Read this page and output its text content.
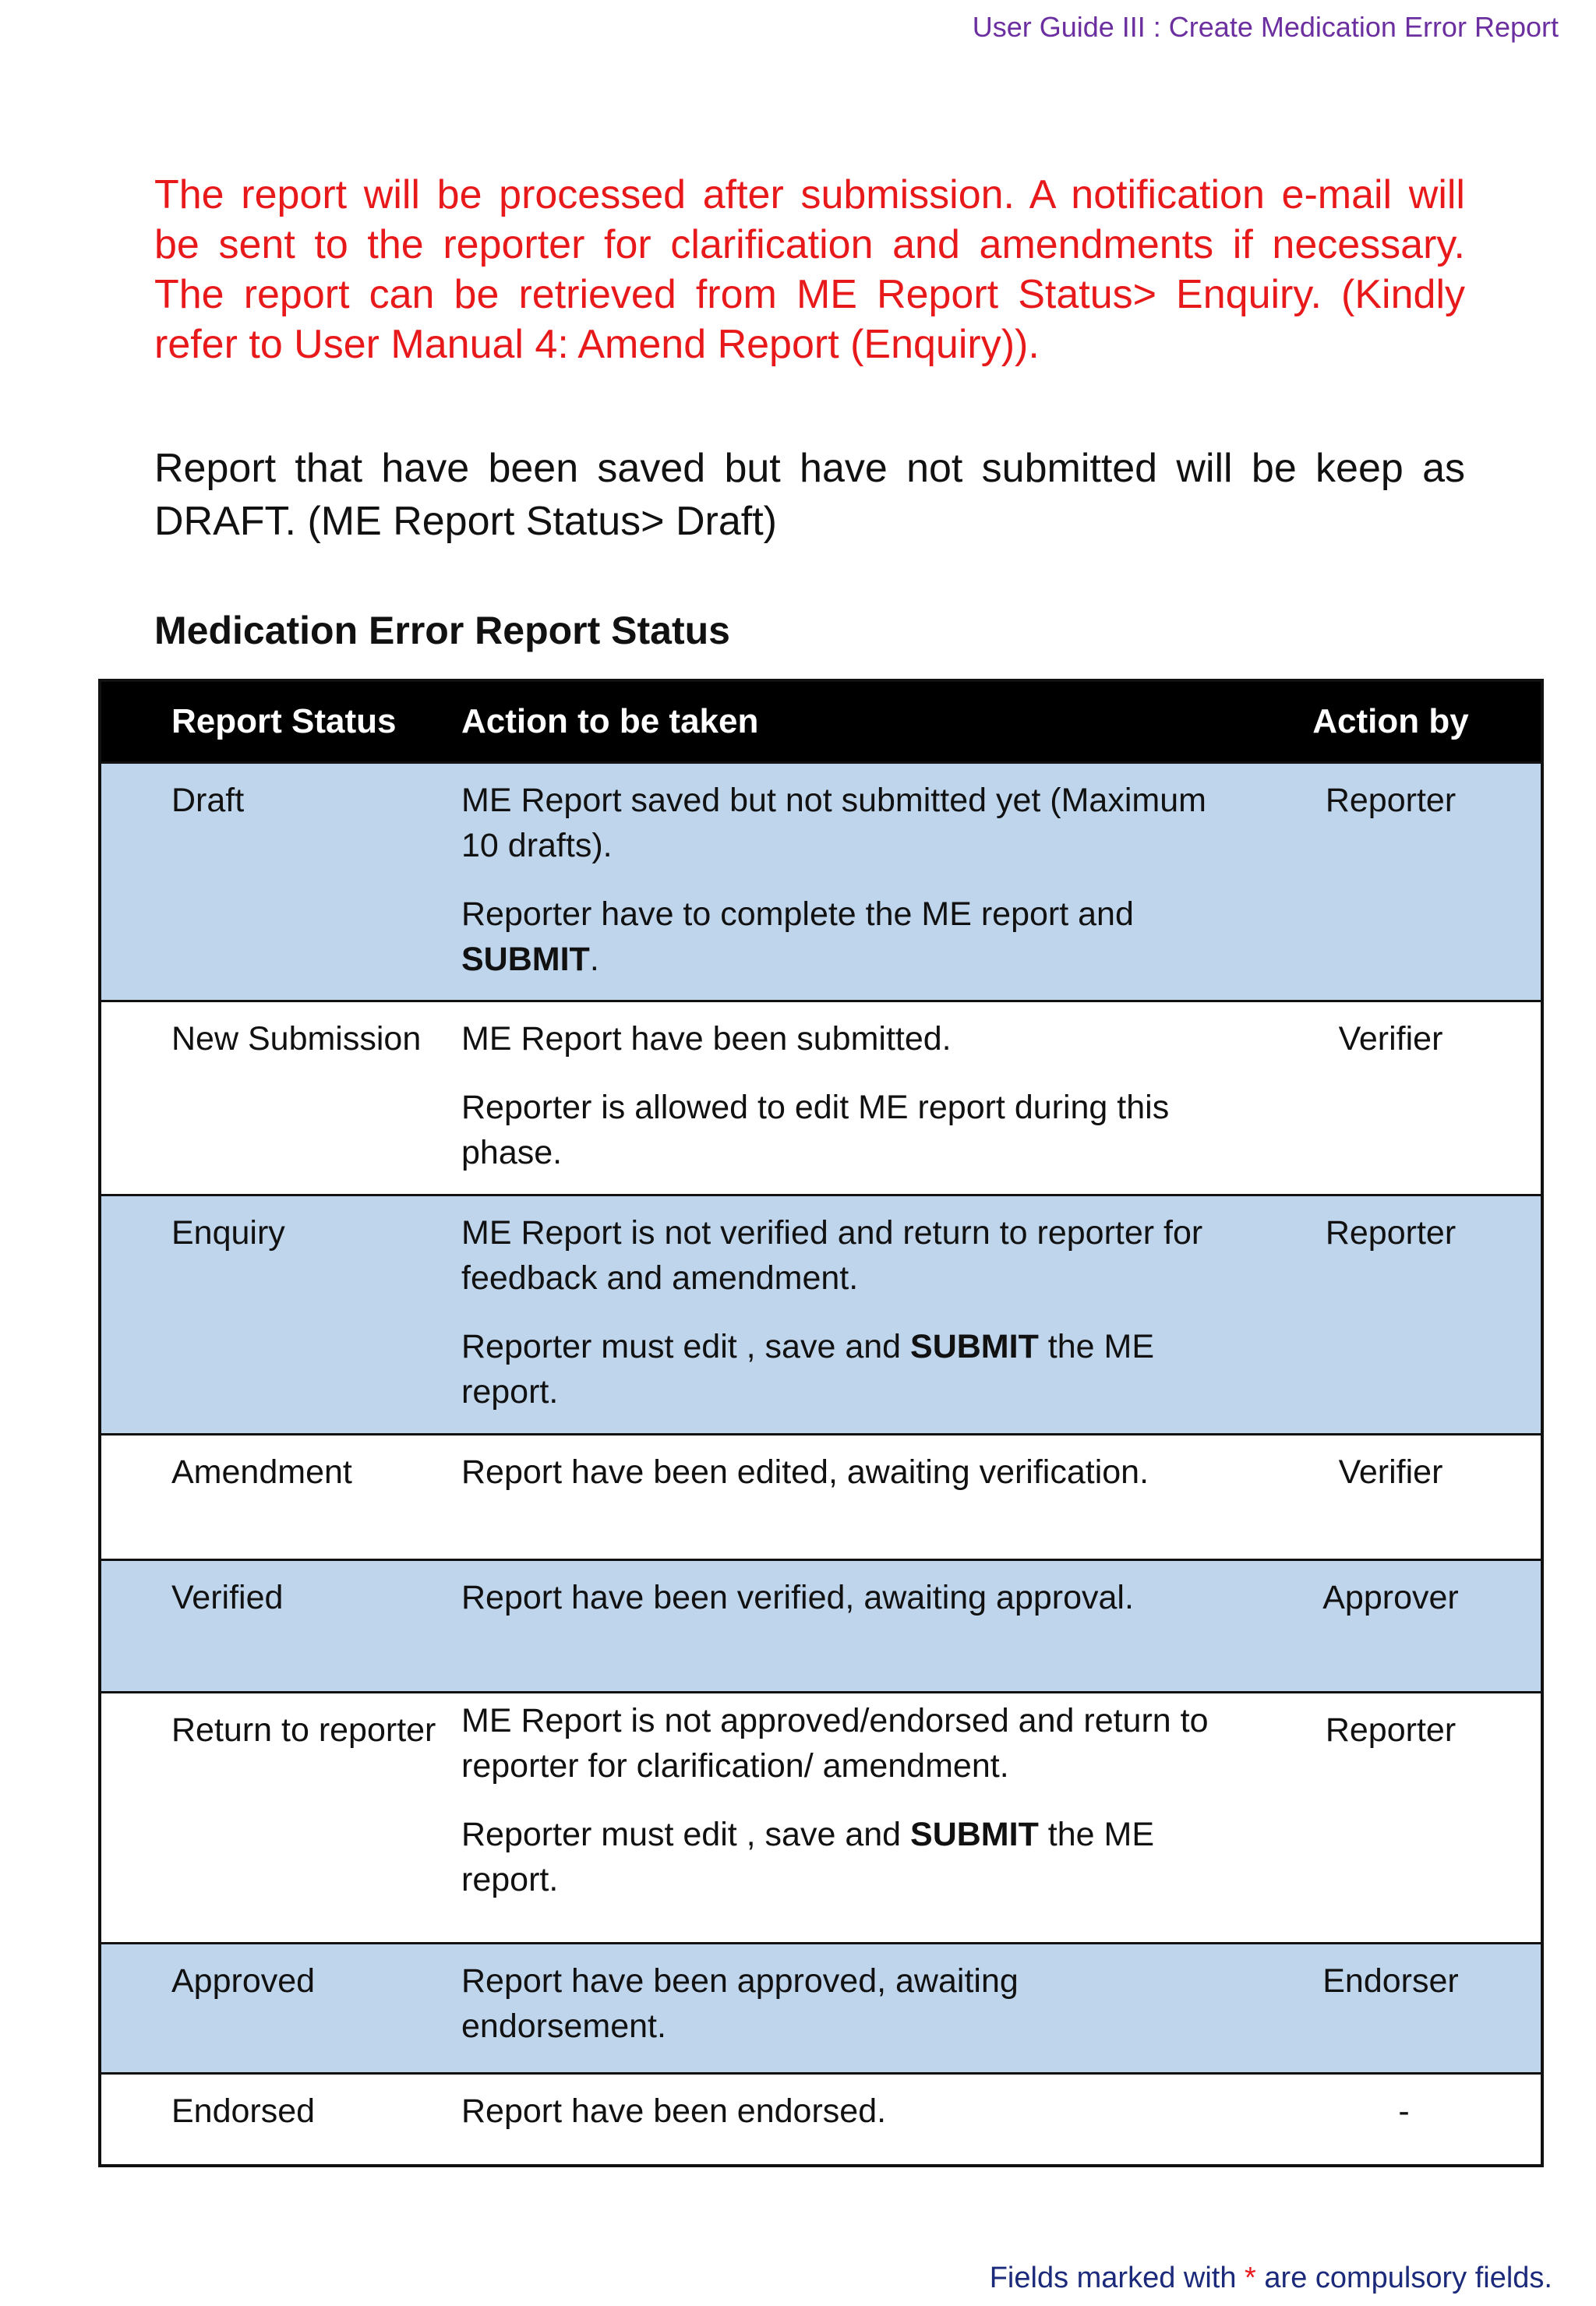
User Guide III : Create Medication Error Report

The report will be processed after submission. A notification e-mail will be sent to the reporter for clarification and amendments if necessary. The report can be retrieved from ME Report Status> Enquiry. (Kindly refer to User Manual 4: Amend Report (Enquiry)).

Report that have been saved but have not submitted will be keep as DRAFT. (ME Report Status> Draft)

Medication Error Report Status
Report Status	Action to be taken	Action by
Draft	ME Report saved but not submitted yet (Maximum 10 drafts).

Reporter have to complete the ME report and SUBMIT.	Reporter
New Submission	ME Report have been submitted.

Reporter is allowed to edit ME report during this phase.	Verifier
Enquiry	ME Report is not verified and return to reporter for feedback and amendment.

Reporter must edit , save and SUBMIT the ME report.	Reporter
Amendment	Report have been edited, awaiting verification.	Verifier
Verified	Report have been verified, awaiting approval.	Approver
Return to reporter	ME Report is not approved/endorsed and return to reporter for clarification/ amendment.

Reporter must edit , save and SUBMIT the ME report.	Reporter
Approved	Report have been approved, awaiting endorsement.	Endorser
Endorsed	Report have been endorsed.	-
Fields marked with * are compulsory fields.
